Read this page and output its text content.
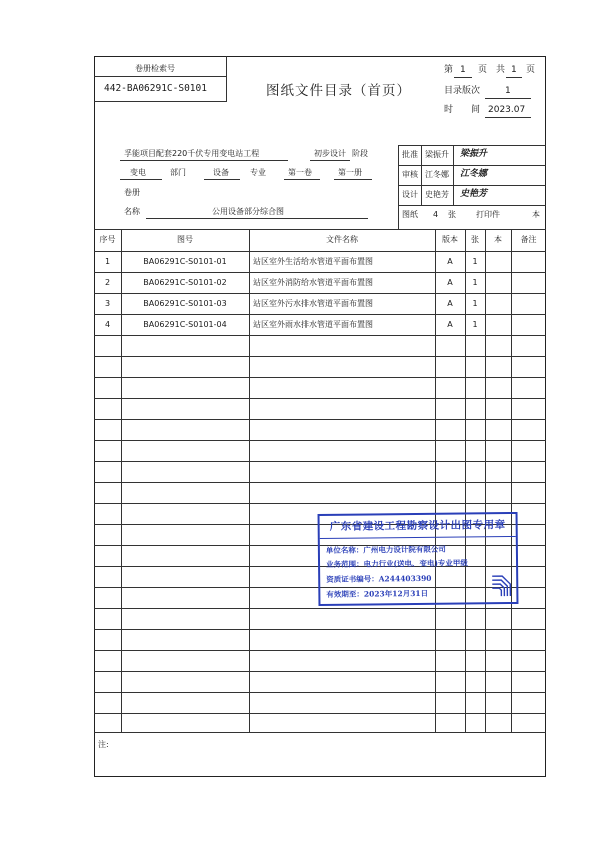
卷册检索号
442-BA06291C-S0101	图纸文件目录（首页）
第 1 页 共 1 页
目录版次	1
时　　间 2023.07
孚能项目配套220千伏专用变电站工程	初步设计 阶段
变电	部门	设备	专业	第一卷	第一册
卷册
名称	公用设备部分综合图
批准 梁振升 梁振升
审核 江冬娜 江冬娜
设计 史艳芳 史艳芳
图纸 4 张	打印件	本
序号	图号	文件名称	版本	张	本	备注
1	BA06291C-S0101-01	站区室外生活给水管道平面布置图	A	1
2	BA06291C-S0101-02	站区室外消防给水管道平面布置图	A	1
3	BA06291C-S0101-03	站区室外污水排水管道平面布置图	A	1
4	BA06291C-S0101-04	站区室外雨水排水管道平面布置图	A	1
注:
广东省建设工程勘察设计出图专用章
单位名称：广州电力设计院有限公司
业务范围：电力行业(送电、变电)专业甲级
资质证书编号：A244403390
有效期至：2023年12月31日
